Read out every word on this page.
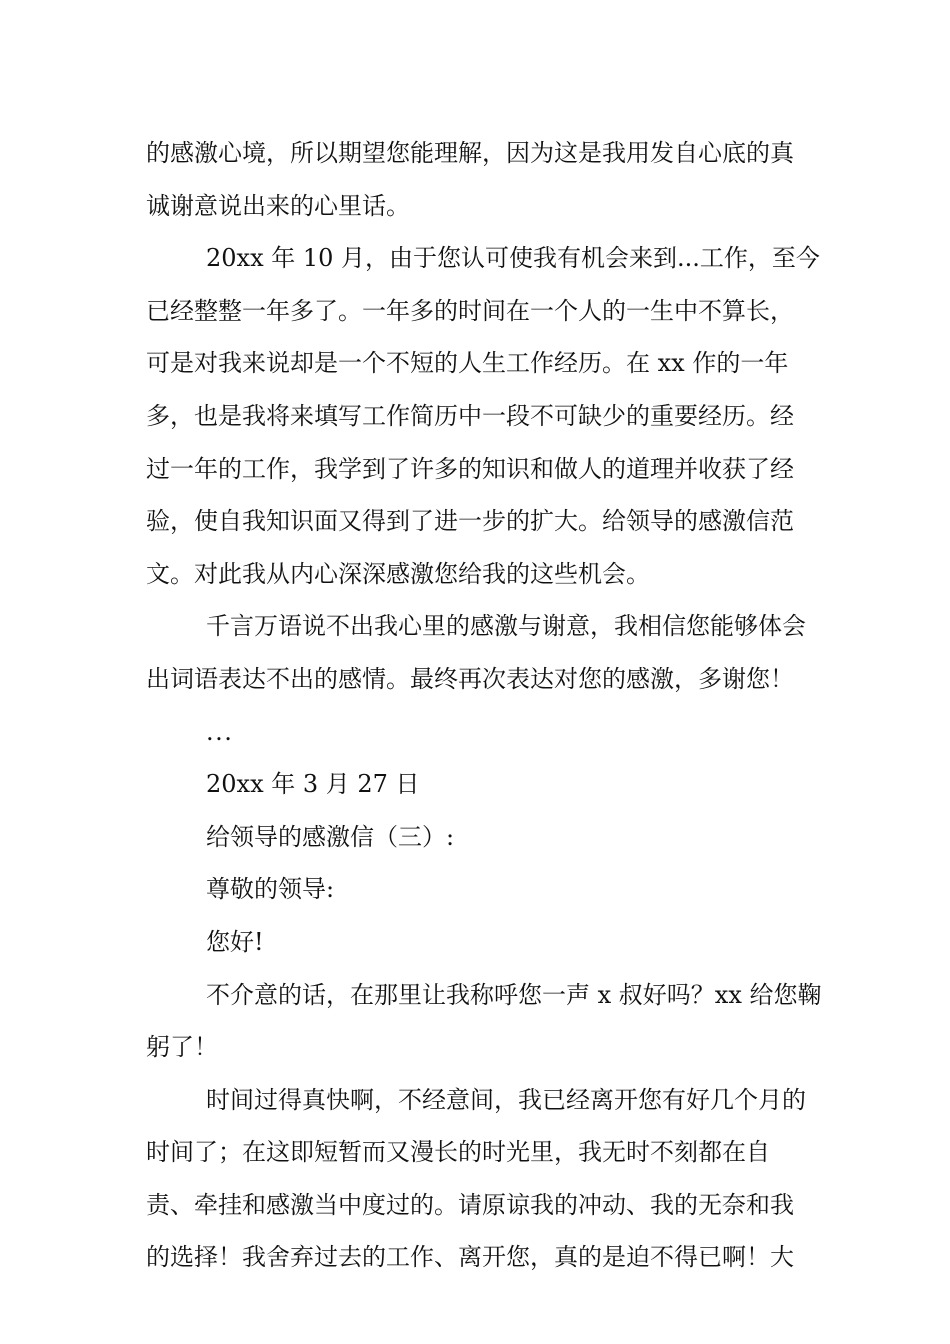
的感激心境，所以期望您能理解，因为这是我用发自心底的真
诚谢意说出来的心里话。

20xx 年 10 月，由于您认可使我有机会来到...工作，至今
已经整整一年多了。一年多的时间在一个人的一生中不算长，
可是对我来说却是一个不短的人生工作经历。在 xx 作的一年
多，也是我将来填写工作简历中一段不可缺少的重要经历。经
过一年的工作，我学到了许多的知识和做人的道理并收获了经
验，使自我知识面又得到了进一步的扩大。给领导的感激信范
文。对此我从内心深深感激您给我的这些机会。

千言万语说不出我心里的感激与谢意，我相信您能够体会
出词语表达不出的感情。最终再次表达对您的感激，多谢您！

...

20xx 年 3 月 27 日

给领导的感激信（三）:

尊敬的领导:

您好!

不介意的话，在那里让我称呼您一声 x 叔好吗？xx 给您鞠
躬了！

时间过得真快啊，不经意间，我已经离开您有好几个月的
时间了；在这即短暂而又漫长的时光里，我无时不刻都在自
责、牵挂和感激当中度过的。请原谅我的冲动、我的无奈和我
的选择！我舍弃过去的工作、离开您，真的是迫不得已啊！大
